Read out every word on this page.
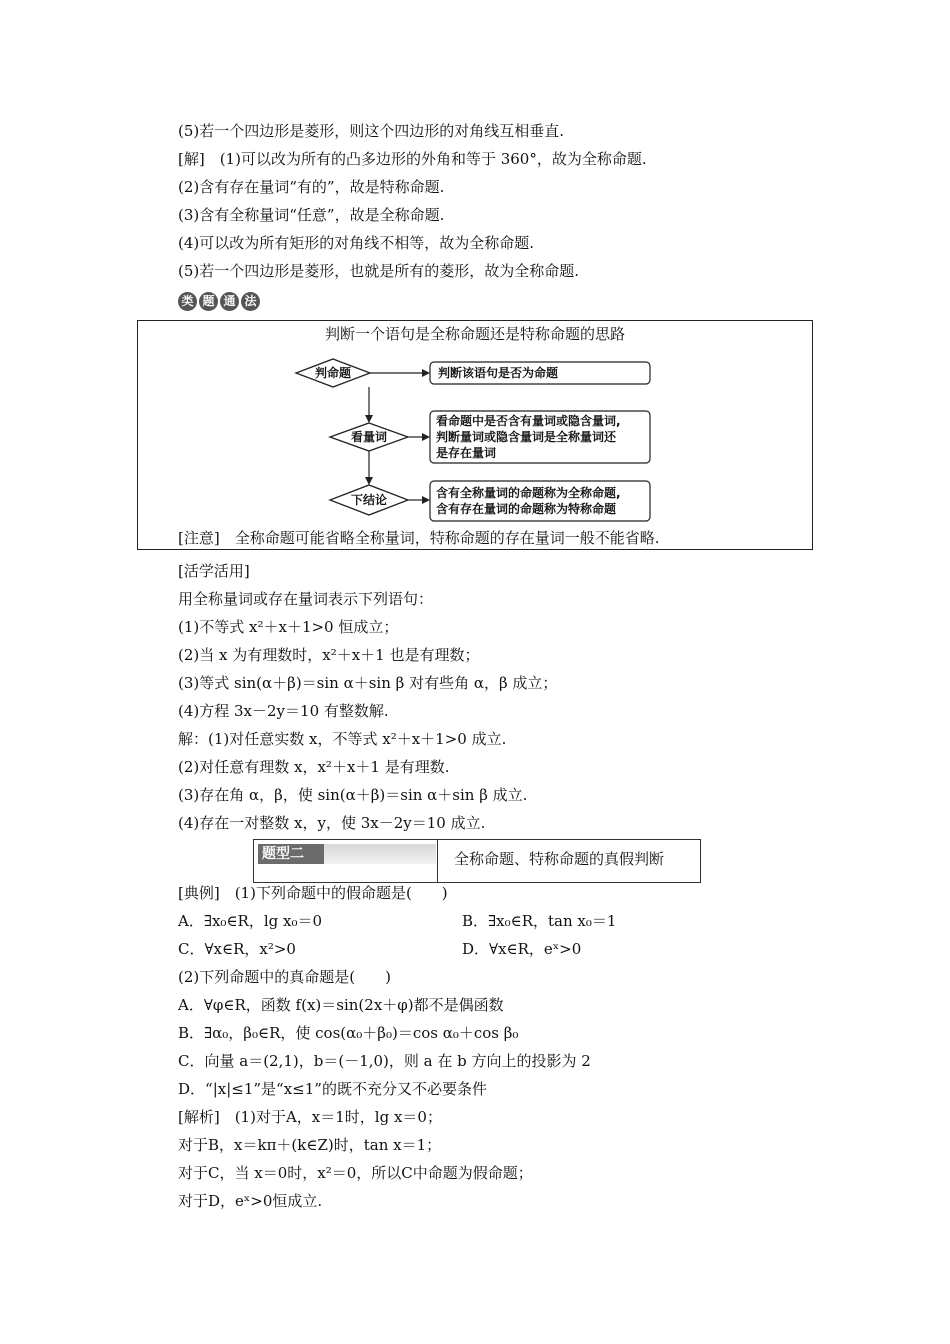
(5)若一个四边形是菱形，则这个四边形的对角线互相垂直.
[解]　(1)可以改为所有的凸多边形的外角和等于 360°，故为全称命题.
(2)含有存在量词“有的”，故是特称命题.
(3)含有全称量词“任意”，故是全称命题.
(4)可以改为所有矩形的对角线不相等，故为全称命题.
(5)若一个四边形是菱形，也就是所有的菱形，故为全称命题.
类 题 通 法
判断一个语句是全称命题还是特称命题的思路
判命题	判断该语句是否为命题
看量词
看命题中是否含有量词或隐含量词,
判断量词或隐含量词是全称量词还
是存在量词
下结论	含有全称量词的命题称为全称命题,
含有存在量词的命题称为特称命题
[注意]　全称命题可能省略全称量词，特称命题的存在量词一般不能省略.
[活学活用]
用全称量词或存在量词表示下列语句：
(1)不等式 x²＋x＋1>0 恒成立；
(2)当 x 为有理数时，x²＋x＋1 也是有理数；
(3)等式 sin(α＋β)＝sin α＋sin β 对有些角 α，β 成立；
(4)方程 3x－2y＝10 有整数解.
解：(1)对任意实数 x，不等式 x²＋x＋1>0 成立.
(2)对任意有理数 x，x²＋x＋1 是有理数.
(3)存在角 α，β，使 sin(α＋β)＝sin α＋sin β 成立.
(4)存在一对整数 x，y，使 3x－2y＝10 成立.
题型二	全称命题、特称命题的真假判断
[典例]　(1)下列命题中的假命题是(　　)
A．∃x₀∈R，lg x₀＝0	B．∃x₀∈R，tan x₀＝1
C．∀x∈R，x²>0	D．∀x∈R，eˣ>0
(2)下列命题中的真命题是(　　)
A．∀φ∈R，函数 f(x)＝sin(2x＋φ)都不是偶函数
B．∃α₀，β₀∈R，使 cos(α₀＋β₀)＝cos α₀＋cos β₀
C．向量 a＝(2,1)，b＝(－1,0)，则 a 在 b 方向上的投影为 2
D．“|x|≤1”是“x≤1”的既不充分又不必要条件
[解析]　(1)对于A，x＝1时，lg x＝0；
对于B，x＝kπ＋(k∈Z)时，tan x＝1；
对于C，当 x＝0时，x²＝0，所以C中命题为假命题；
对于D，eˣ>0恒成立.
